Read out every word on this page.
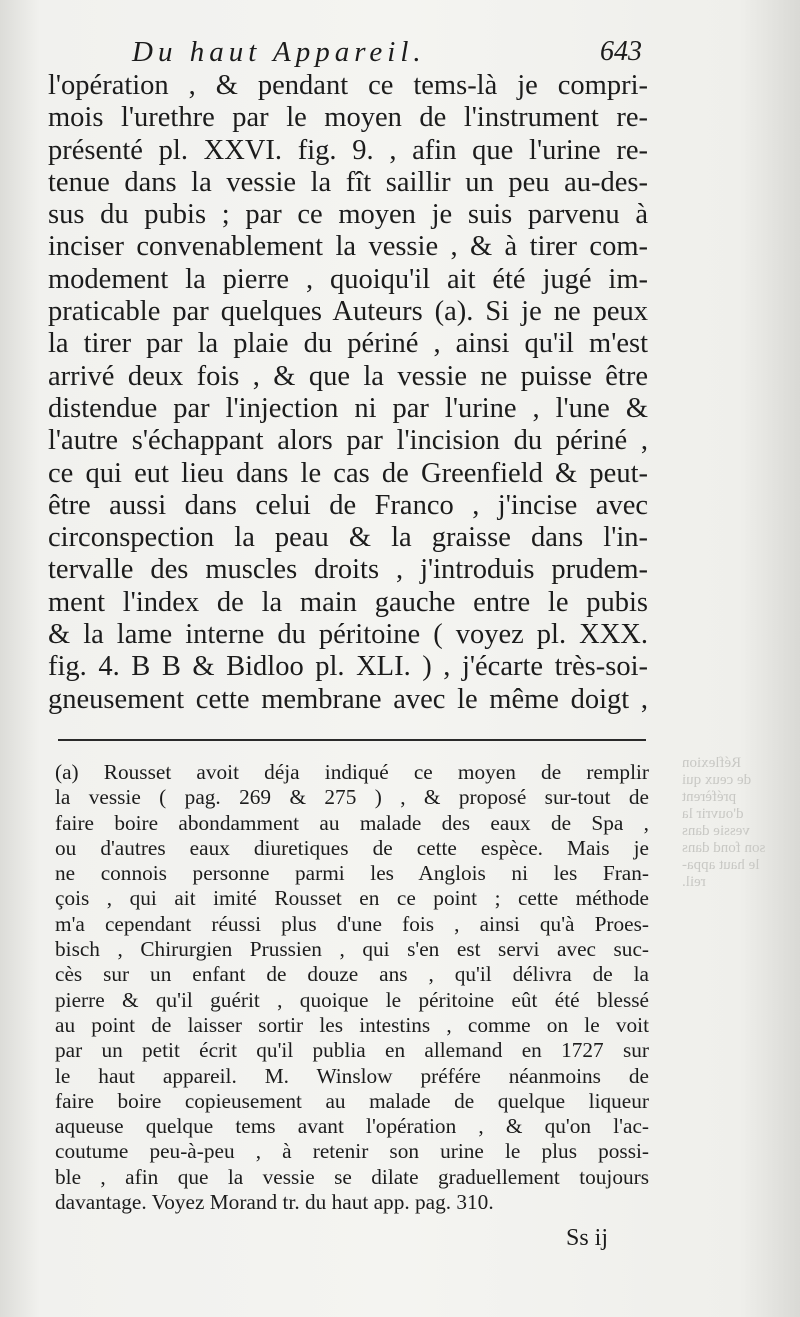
Réflexion
de ceux qui
préfèrent
d'ouvrir la
vessie dans
son fond dans
le haut appa-
reil.
Du haut Appareil.	643
l'opération , & pendant ce tems-là je compri-
mois l'urethre par le moyen de l'instrument re-
présenté pl. XXVI. fig. 9. , afin que l'urine re-
tenue dans la vessie la fît saillir un peu au-des-
sus du pubis ; par ce moyen je suis parvenu à
inciser convenablement la vessie , & à tirer com-
modement la pierre , quoiqu'il ait été jugé im-
praticable par quelques Auteurs (a). Si je ne peux
la tirer par la plaie du périné , ainsi qu'il m'est
arrivé deux fois , & que la vessie ne puisse être
distendue par l'injection ni par l'urine , l'une &
l'autre s'échappant alors par l'incision du périné ,
ce qui eut lieu dans le cas de Greenfield & peut-
être aussi dans celui de Franco , j'incise avec
circonspection la peau & la graisse dans l'in-
tervalle des muscles droits , j'introduis prudem-
ment l'index de la main gauche entre le pubis
& la lame interne du péritoine ( voyez pl. XXX.
fig. 4. B B & Bidloo pl. XLI. ) , j'écarte très-soi-
gneusement cette membrane avec le même doigt ,
(a) Rousset avoit déja indiqué ce moyen de remplir
la vessie ( pag. 269 & 275 ) , & proposé sur-tout de
faire boire abondamment au malade des eaux de Spa ,
ou d'autres eaux diuretiques de cette espèce. Mais je
ne connois personne parmi les Anglois ni les Fran-
çois , qui ait imité Rousset en ce point ; cette méthode
m'a cependant réussi plus d'une fois , ainsi qu'à Proes-
bisch , Chirurgien Prussien , qui s'en est servi avec suc-
cès sur un enfant de douze ans , qu'il délivra de la
pierre & qu'il guérit , quoique le péritoine eût été blessé
au point de laisser sortir les intestins , comme on le voit
par un petit écrit qu'il publia en allemand en 1727 sur
le haut appareil. M. Winslow préfére néanmoins de
faire boire copieusement au malade de quelque liqueur
aqueuse quelque tems avant l'opération , & qu'on l'ac-
coutume peu-à-peu , à retenir son urine le plus possi-
ble , afin que la vessie se dilate graduellement toujours
davantage. Voyez Morand tr. du haut app. pag. 310.
Ss ij
